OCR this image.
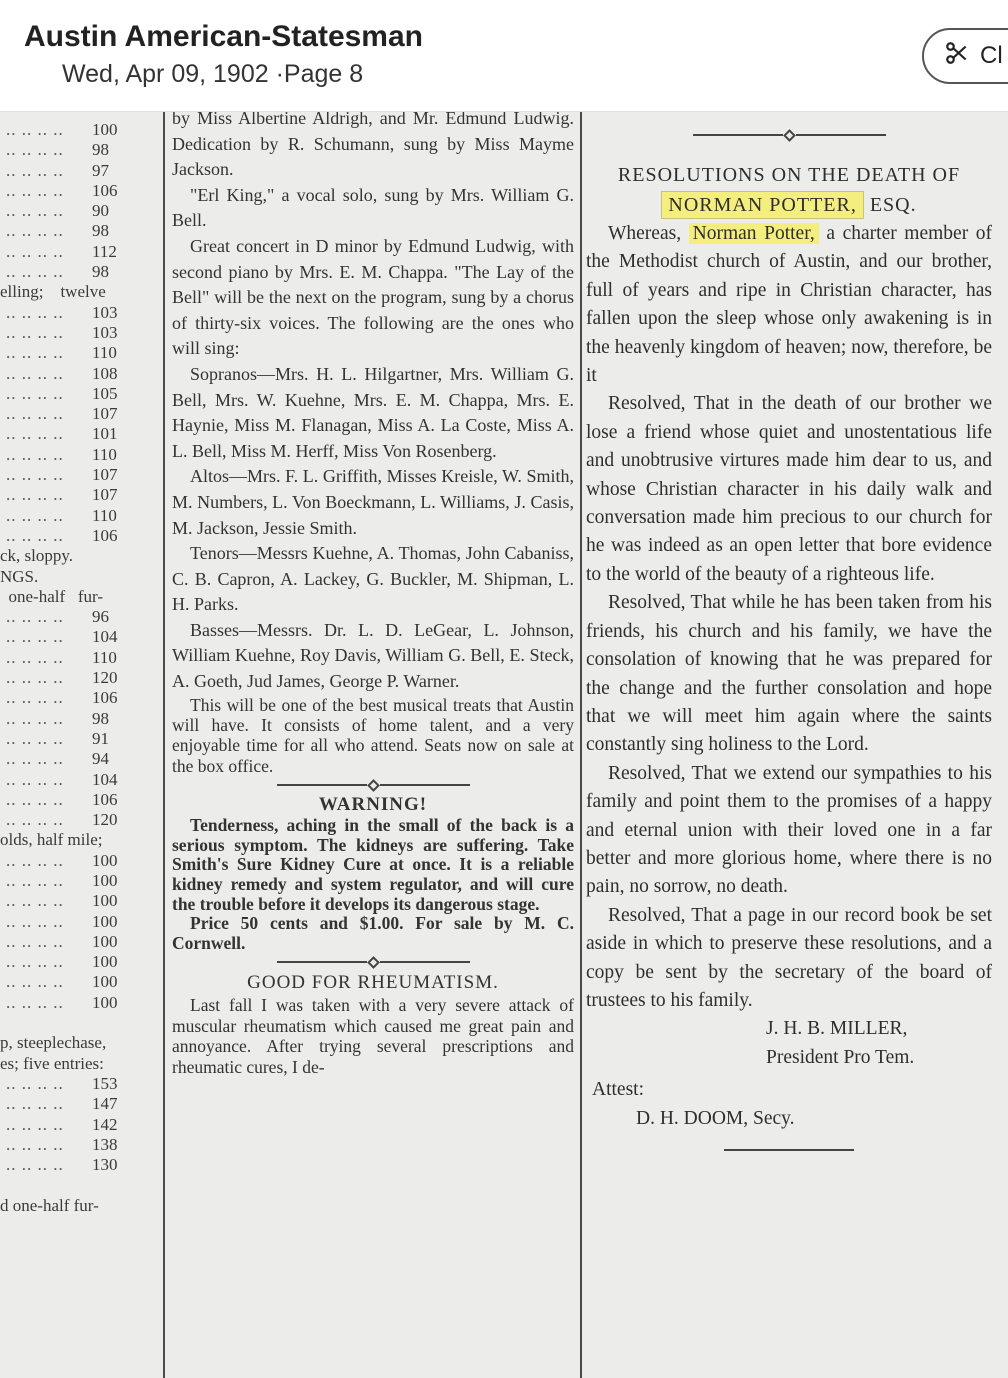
Austin American-Statesman
Wed, Apr 09, 1902 ·Page 8
Cl
.. .. .. .. 100
.. .. .. .. 98
.. .. .. .. 97
.. .. .. .. 106
.. .. .. .. 90
.. .. .. .. 98
.. .. .. .. 112
.. .. .. .. 98
elling;    twelve
.. .. .. .. 103
.. .. .. .. 103
.. .. .. .. 110
.. .. .. .. 108
.. .. .. .. 105
.. .. .. .. 107
.. .. .. .. 101
.. .. .. .. 110
.. .. .. .. 107
.. .. .. .. 107
.. .. .. .. 110
.. .. .. .. 106
ck, sloppy.
NGS.
one-half   fur-
.. .. .. .. 96
.. .. .. .. 104
.. .. .. .. 110
.. .. .. .. 120
.. .. .. .. 106
.. .. .. .. 98
.. .. .. .. 91
.. .. .. .. 94
.. .. .. .. 104
.. .. .. .. 106
.. .. .. .. 120
olds, half mile;
.. .. .. .. 100
.. .. .. .. 100
.. .. .. .. 100
.. .. .. .. 100
.. .. .. .. 100
.. .. .. .. 100
.. .. .. .. 100
.. .. .. .. 100
p, steeplechase,
es; five entries:
.. .. .. .. 153
.. .. .. .. 147
.. .. .. .. 142
.. .. .. .. 138
.. .. .. .. 130
d one-half fur-

by Miss Albertine Aldrigh, and Mr. Edmund Ludwig. Dedication by R. Schumann, sung by Miss Mayme Jackson.

"Erl King," a vocal solo, sung by Mrs. William G. Bell.

Great concert in D minor by Edmund Ludwig, with second piano by Mrs. E. M. Chappa. "The Lay of the Bell" will be the next on the program, sung by a chorus of thirty-six voices. The following are the ones who will sing:

Sopranos—Mrs. H. L. Hilgartner, Mrs. William G. Bell, Mrs. W. Kuehne, Mrs. E. M. Chappa, Mrs. E. Haynie, Miss M. Flanagan, Miss A. La Coste, Miss A. L. Bell, Miss M. Herff, Miss Von Rosenberg.

Altos—Mrs. F. L. Griffith, Misses Kreisle, W. Smith, M. Numbers, L. Von Boeckmann, L. Williams, J. Casis, M. Jackson, Jessie Smith.

Tenors—Messrs Kuehne, A. Thomas, John Cabaniss, C. B. Capron, A. Lackey, G. Buckler, M. Shipman, L. H. Parks.

Basses—Messrs. Dr. L. D. LeGear, L. Johnson, William Kuehne, Roy Davis, William G. Bell, E. Steck, A. Goeth, Jud James, George P. Warner.

This will be one of the best musical treats that Austin will have. It consists of home talent, and a very enjoyable time for all who attend. Seats now on sale at the box office.

WARNING!

Tenderness, aching in the small of the back is a serious symptom. The kidneys are suffering. Take Smith's Sure Kidney Cure at once. It is a reliable kidney remedy and system regulator, and will cure the trouble before it develops its dangerous stage.

Price 50 cents and $1.00. For sale by M. C. Cornwell.

GOOD FOR RHEUMATISM.

Last fall I was taken with a very severe attack of muscular rheumatism which caused me great pain and annoyance. After trying several prescriptions and rheumatic cures, I de-

RESOLUTIONS ON THE DEATH OF
NORMAN POTTER, ESQ.

Whereas, Norman Potter, a charter member of the Methodist church of Austin, and our brother, full of years and ripe in Christian character, has fallen upon the sleep whose only awakening is in the heavenly kingdom of heaven; now, therefore, be it

Resolved, That in the death of our brother we lose a friend whose quiet and unostentatious life and unobtrusive virtures made him dear to us, and whose Christian character in his daily walk and conversation made him precious to our church for he was indeed as an open letter that bore evidence to the world of the beauty of a righteous life.

Resolved, That while he has been taken from his friends, his church and his family, we have the consolation of knowing that he was prepared for the change and the further consolation and hope that we will meet him again where the saints constantly sing holiness to the Lord.

Resolved, That we extend our sympathies to his family and point them to the promises of a happy and eternal union with their loved one in a far better and more glorious home, where there is no pain, no sorrow, no death.

Resolved, That a page in our record book be set aside in which to preserve these resolutions, and a copy be sent by the secretary of the board of trustees to his family.

J. H. B. MILLER,

President Pro Tem.

Attest:

D. H. DOOM, Secy.
